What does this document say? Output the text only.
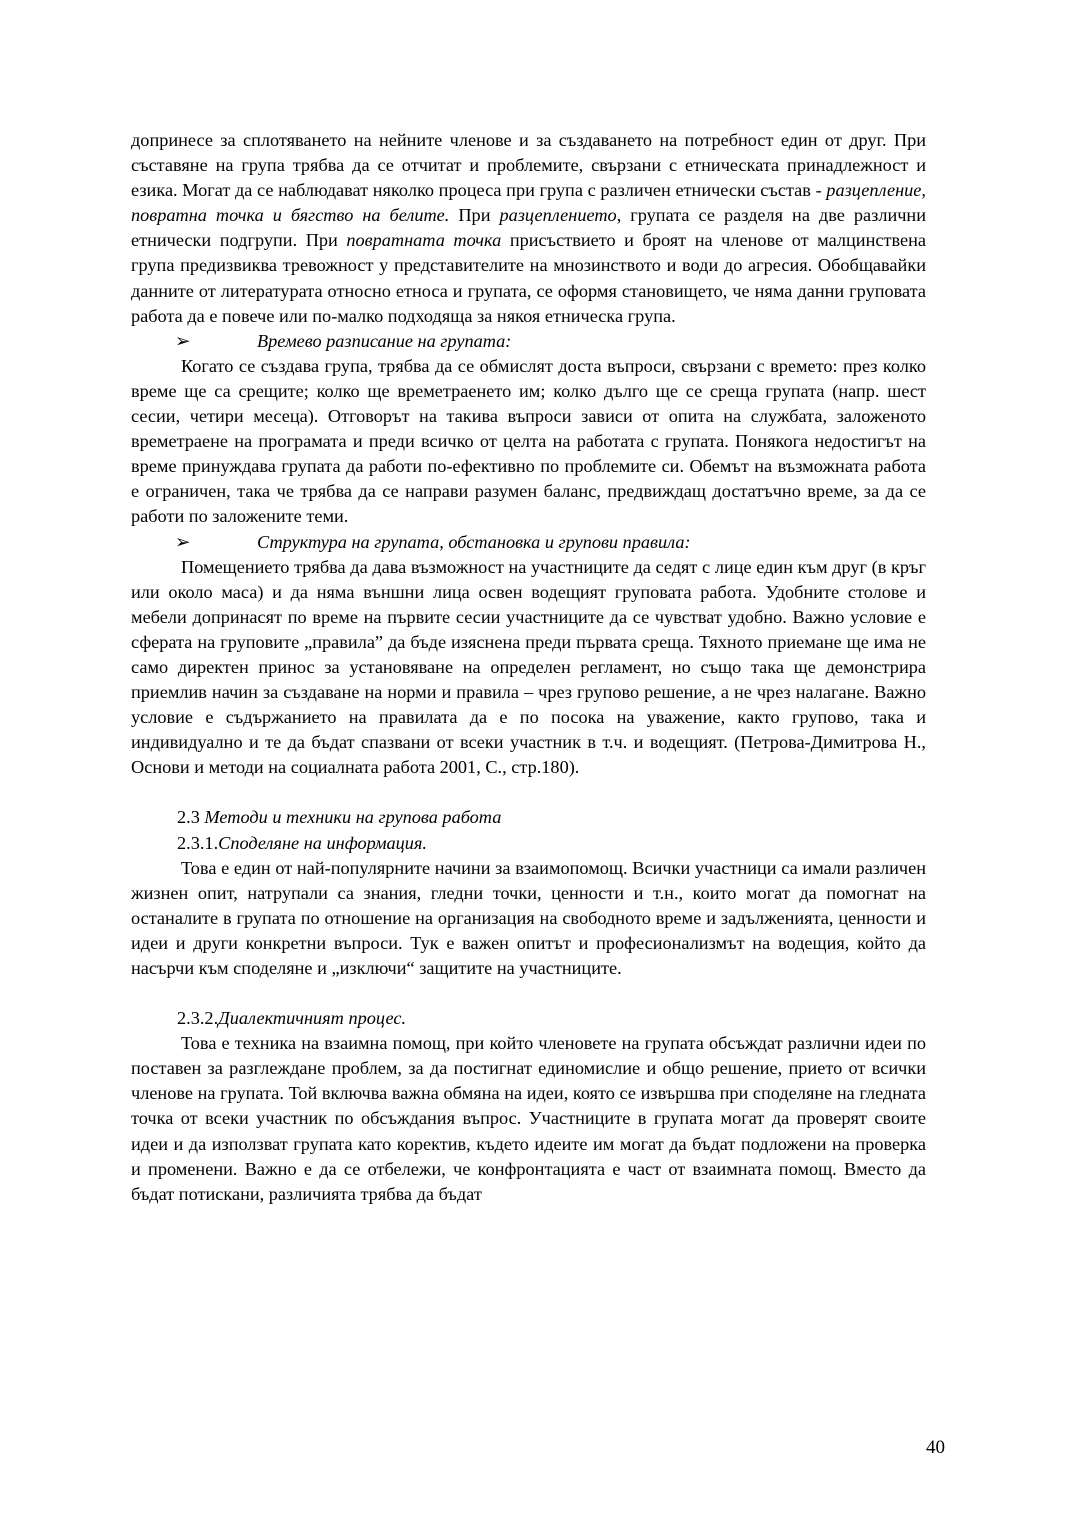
допринесе за сплотяването на нейните членове и за създаването на потребност един от друг. При съставяне на група трябва да се отчитат и проблемите, свързани с етническата принадлежност и езика. Могат да се наблюдават няколко процеса при група с различен етнически състав - разцепление, повратна точка и бягство на белите. При разцеплението, групата се разделя на две различни етнически подгрупи. При повратната точка присъствието и броят на членове от малцинствена група предизвиква тревожност у представителите на мнозинството и води до агресия. Обобщавайки данните от литературата относно етноса и групата, се оформя становището, че няма данни груповата работа да е повече или по-малко подходяща за някоя етническа група.

➢	Времево разписание на групата:

Когато се създава група, трябва да се обмислят доста въпроси, свързани с времето: през колко време ще са срещите; колко ще времетраенето им; колко дълго ще се среща групата (напр. шест сесии, четири месеца). Отговорът на такива въпроси зависи от опита на службата, заложеното времетраене на програмата и преди всичко от целта на работата с групата. Понякога недостигът на време принуждава групата да работи по-ефективно по проблемите си. Обемът на възможната работа е ограничен, така че трябва да се направи разумен баланс, предвиждащ достатъчно време, за да се работи по заложените теми.

➢	Структура на групата, обстановка и групови правила:

Помещението трябва да дава възможност на участниците да седят с лице един към друг (в кръг или около маса) и да няма външни лица освен водещият груповата работа. Удобните столове и мебели допринасят по време на първите сесии участниците да се чувстват удобно. Важно условие е сферата на груповите „правила” да бъде изяснена преди първата среща. Тяхното приемане ще има не само директен принос за установяване на определен регламент, но също така ще демонстрира приемлив начин за създаване на норми и правила – чрез групово решение, а не чрез налагане. Важно условие е съдържанието на правилата да е по посока на уважение, както групово, така и индивидуално и те да бъдат спазвани от всеки участник в т.ч. и водещият. (Петрова-Димитрова Н., Основи и методи на социалната работа 2001, С., стр.180).

2.3 Методи и техники на групова работа

2.3.1.Споделяне на информация.

Това е един от най-популярните начини за взаимопомощ. Всички участници са имали различен жизнен опит, натрупали са знания, гледни точки, ценности и т.н., които могат да помогнат на останалите в групата по отношение на организация на свободното време и задълженията, ценности и идеи и други конкретни въпроси. Тук е важен опитът и професионализмът на водещия, който да насърчи към споделяне и „изключи“ защитите на участниците.

2.3.2.Диалектичният процес.

Това е техника на взаимна помощ, при който членовете на групата обсъждат различни идеи по поставен за разглеждане проблем, за да постигнат единомислие и общо решение, прието от всички членове на групата. Той включва важна обмяна на идеи, която се извършва при споделяне на гледната точка от всеки участник по обсъждания въпрос. Участниците в групата могат да проверят своите идеи и да използват групата като коректив, където идеите им могат да бъдат подложени на проверка и променени. Важно е да се отбележи, че конфронтацията е част от взаимната помощ. Вместо да бъдат потискани, различията трябва да бъдат

40
